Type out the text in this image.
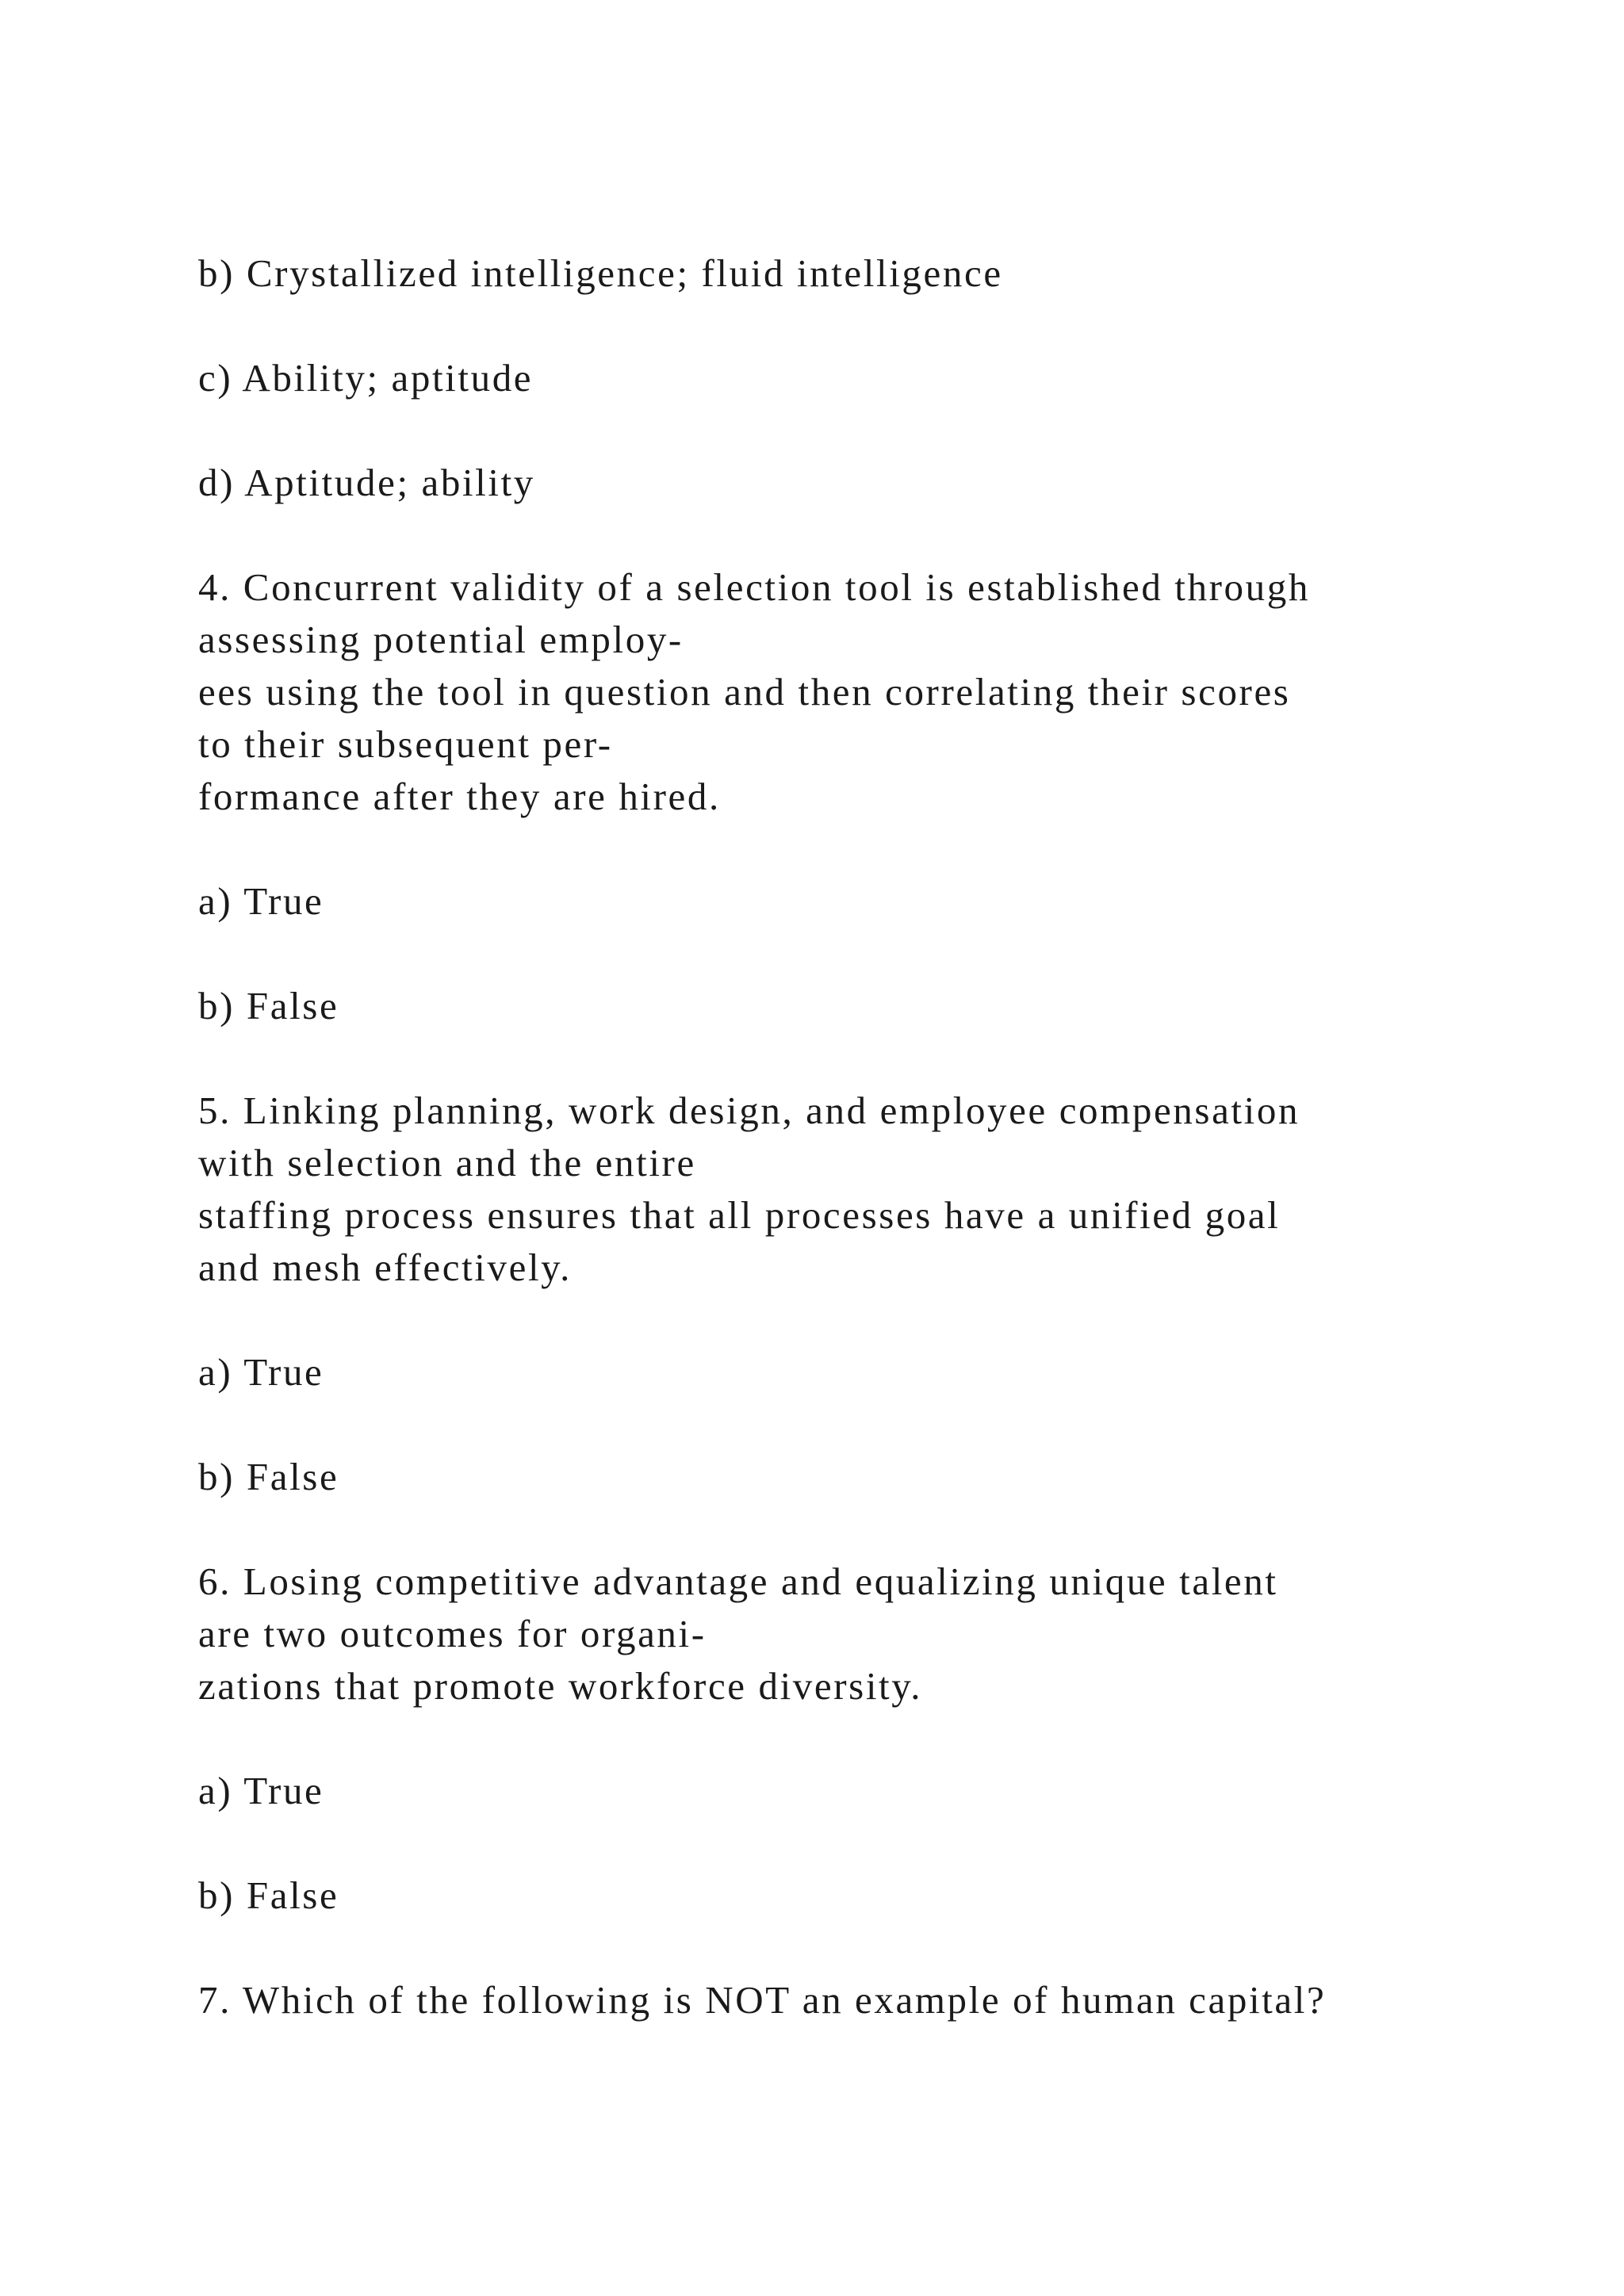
b) Crystallized intelligence; fluid intelligence

c) Ability; aptitude

d) Aptitude; ability

4. Concurrent validity of a selection tool is established through
assessing potential employ-
ees using the tool in question and then correlating their scores
to their subsequent per-
formance after they are hired.

a) True

b) False

5. Linking planning, work design, and employee compensation
with selection and the entire
staffing process ensures that all processes have a unified goal
and mesh effectively.

a) True

b) False

6. Losing competitive advantage and equalizing unique talent
are two outcomes for organi-
zations that promote workforce diversity.

a) True

b) False

7. Which of the following is NOT an example of human capital?
